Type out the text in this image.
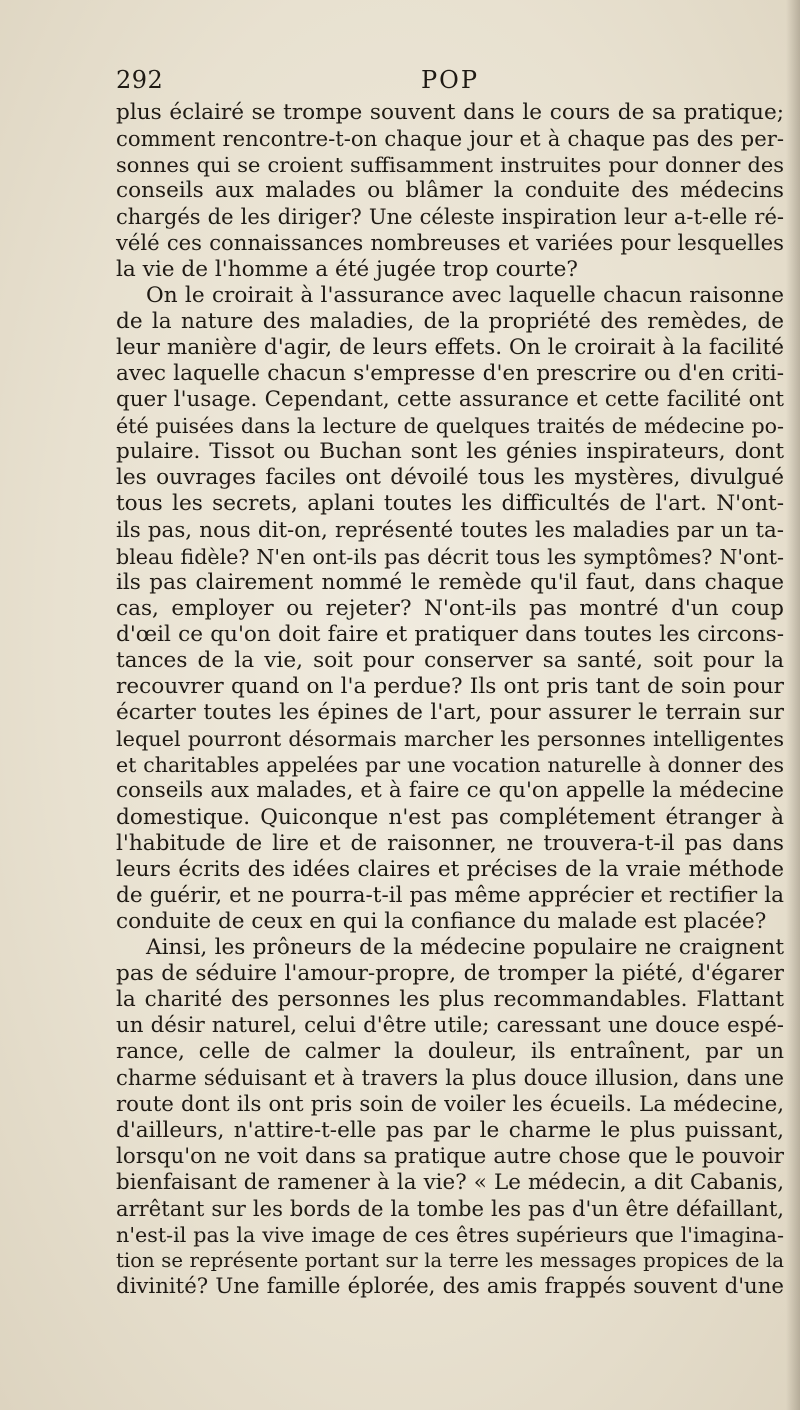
292	POP
plus éclairé se trompe souvent dans le cours de sa pratique;
comment rencontre-t-on chaque jour et à chaque pas des per-
sonnes qui se croient suffisamment instruites pour donner des
conseils aux malades ou blâmer la conduite des médecins
chargés de les diriger? Une céleste inspiration leur a-t-elle ré-
vélé ces connaissances nombreuses et variées pour lesquelles
la vie de l'homme a été jugée trop courte?
On le croirait à l'assurance avec laquelle chacun raisonne
de la nature des maladies, de la propriété des remèdes, de
leur manière d'agir, de leurs effets. On le croirait à la facilité
avec laquelle chacun s'empresse d'en prescrire ou d'en criti-
quer l'usage. Cependant, cette assurance et cette facilité ont
été puisées dans la lecture de quelques traités de médecine po-
pulaire. Tissot ou Buchan sont les génies inspirateurs, dont
les ouvrages faciles ont dévoilé tous les mystères, divulgué
tous les secrets, aplani toutes les difficultés de l'art. N'ont-
ils pas, nous dit-on, représenté toutes les maladies par un ta-
bleau fidèle? N'en ont-ils pas décrit tous les symptômes? N'ont-
ils pas clairement nommé le remède qu'il faut, dans chaque
cas, employer ou rejeter? N'ont-ils pas montré d'un coup
d'œil ce qu'on doit faire et pratiquer dans toutes les circons-
tances de la vie, soit pour conserver sa santé, soit pour la
recouvrer quand on l'a perdue? Ils ont pris tant de soin pour
écarter toutes les épines de l'art, pour assurer le terrain sur
lequel pourront désormais marcher les personnes intelligentes
et charitables appelées par une vocation naturelle à donner des
conseils aux malades, et à faire ce qu'on appelle la médecine
domestique. Quiconque n'est pas complétement étranger à
l'habitude de lire et de raisonner, ne trouvera-t-il pas dans
leurs écrits des idées claires et précises de la vraie méthode
de guérir, et ne pourra-t-il pas même apprécier et rectifier la
conduite de ceux en qui la confiance du malade est placée?
Ainsi, les prôneurs de la médecine populaire ne craignent
pas de séduire l'amour-propre, de tromper la piété, d'égarer
la charité des personnes les plus recommandables. Flattant
un désir naturel, celui d'être utile; caressant une douce espé-
rance, celle de calmer la douleur, ils entraînent, par un
charme séduisant et à travers la plus douce illusion, dans une
route dont ils ont pris soin de voiler les écueils. La médecine,
d'ailleurs, n'attire-t-elle pas par le charme le plus puissant,
lorsqu'on ne voit dans sa pratique autre chose que le pouvoir
bienfaisant de ramener à la vie? « Le médecin, a dit Cabanis,
arrêtant sur les bords de la tombe les pas d'un être défaillant,
n'est-il pas la vive image de ces êtres supérieurs que l'imagina-
tion se représente portant sur la terre les messages propices de la
divinité? Une famille éplorée, des amis frappés souvent d'une
